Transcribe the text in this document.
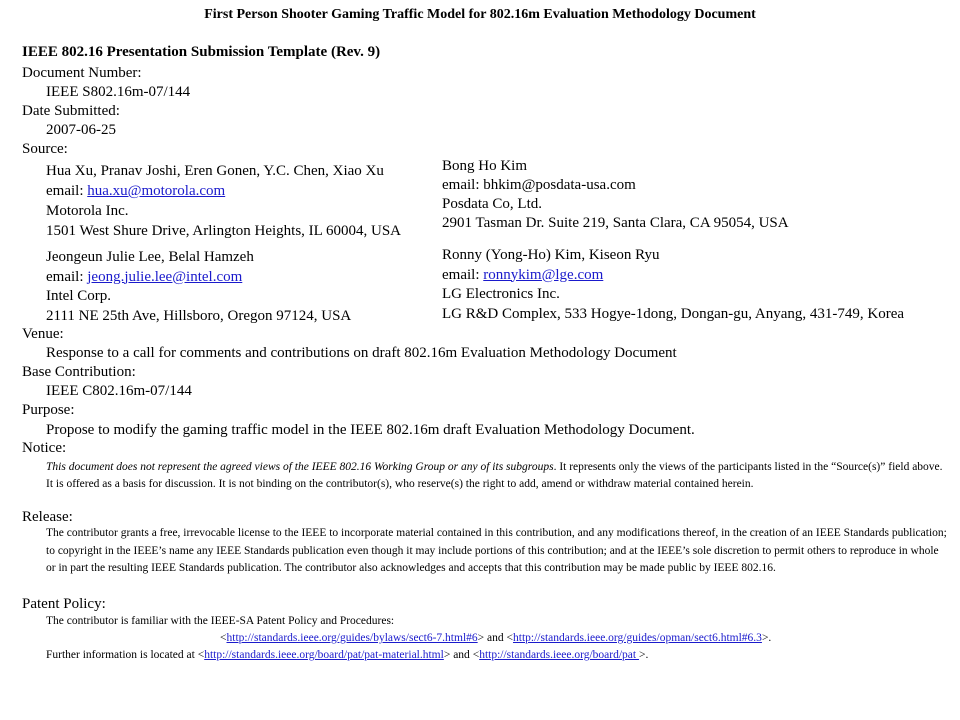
First Person Shooter Gaming Traffic Model for 802.16m Evaluation Methodology Document
IEEE 802.16 Presentation Submission Template (Rev. 9)
Document Number:
IEEE S802.16m-07/144
Date Submitted:
2007-06-25
Source:
Hua Xu, Pranav Joshi, Eren Gonen, Y.C. Chen, Xiao Xu
email: hua.xu@motorola.com
Motorola Inc.
1501 West Shure Drive, Arlington Heights, IL 60004, USA
Bong Ho Kim
email: bhkim@posdata-usa.com
Posdata Co, Ltd.
2901 Tasman Dr. Suite 219, Santa Clara, CA 95054, USA
Jeongeun Julie Lee, Belal Hamzeh
email: jeong.julie.lee@intel.com
Intel Corp.
2111 NE 25th Ave, Hillsboro, Oregon 97124, USA
Ronny (Yong-Ho) Kim, Kiseon Ryu
email: ronnykim@lge.com
LG Electronics Inc.
LG R&D Complex, 533 Hogye-1dong, Dongan-gu, Anyang, 431-749, Korea
Venue:
Response to a call for comments and contributions on draft 802.16m Evaluation Methodology Document
Base Contribution:
IEEE C802.16m-07/144
Purpose:
Propose to modify the gaming traffic model in the IEEE 802.16m draft Evaluation Methodology Document.
Notice:

This document does not represent the agreed views of the IEEE 802.16 Working Group or any of its subgroups. It represents only the views of the participants listed in the “Source(s)” field above. It is offered as a basis for discussion. It is not binding on the contributor(s), who reserve(s) the right to add, amend or withdraw material contained herein.

Release:

The contributor grants a free, irrevocable license to the IEEE to incorporate material contained in this contribution, and any modifications thereof, in the creation of an IEEE Standards publication; to copyright in the IEEE’s name any IEEE Standards publication even though it may include portions of this contribution; and at the IEEE’s sole discretion to permit others to reproduce in whole or in part the resulting IEEE Standards publication. The contributor also acknowledges and accepts that this contribution may be made public by IEEE 802.16.

Patent Policy:

The contributor is familiar with the IEEE-SA Patent Policy and Procedures:

<http://standards.ieee.org/guides/bylaws/sect6-7.html#6> and <http://standards.ieee.org/guides/opman/sect6.html#6.3>.

Further information is located at <http://standards.ieee.org/board/pat/pat-material.html> and <http://standards.ieee.org/board/pat >.
